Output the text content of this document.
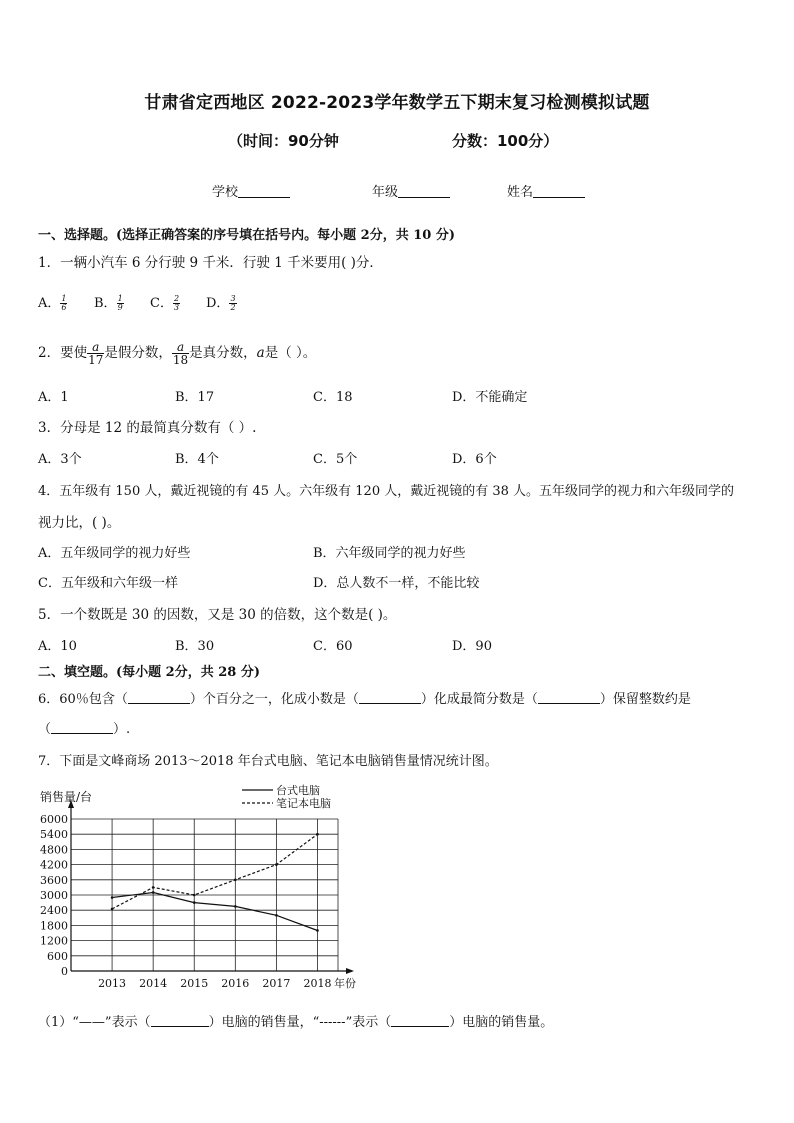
甘肃省定西地区 2022-2023学年数学五下期末复习检测模拟试题
（时间：90分钟	分数：100分）
学校	年级	姓名
一、选择题。(选择正确答案的序号填在括号内。每小题 2分，共 10 分)
1．一辆小汽车 6 分行驶 9 千米．行驶 1 千米要用( )分．
A． $\frac{1}{6}$ B． $\frac{1}{9}$ C． $\frac{2}{3}$ D． $\frac{3}{2}$
2．要使 $\frac{a}{17}$ 是假分数， $\frac{a}{18}$ 是真分数，a是（ ）。
A．1	B．17	C．18	D．不能确定
3．分母是 12 的最简真分数有（ ）.
A．3个	B．4个	C．5个	D．6个
4．五年级有 150 人，戴近视镜的有 45 人。六年级有 120 人，戴近视镜的有 38 人。五年级同学的视力和六年级同学的
视力比，( )。
A．五年级同学的视力好些	B．六年级同学的视力好些
C．五年级和六年级一样	D．总人数不一样，不能比较
5．一个数既是 30 的因数，又是 30 的倍数，这个数是( )。
A．10	B．30	C．60	D．90
二、填空题。(每小题 2分，共 28 分)
6．60％包含（	）个百分之一，化成小数是（	）化成最简分数是（	）保留整数约是
（	）.
7．下面是文峰商场 2013～2018 年台式电脑、笔记本电脑销售量情况统计图。
0
600
1200
1800
2400
3000
3600
4200
4800
5400
6000
2013 2014 2015 2016 2017 2018
销售量/台
年份
台式电脑
笔记本电脑
（1）“——”表示（	）电脑的销售量，“------”表示（	）电脑的销售量。
